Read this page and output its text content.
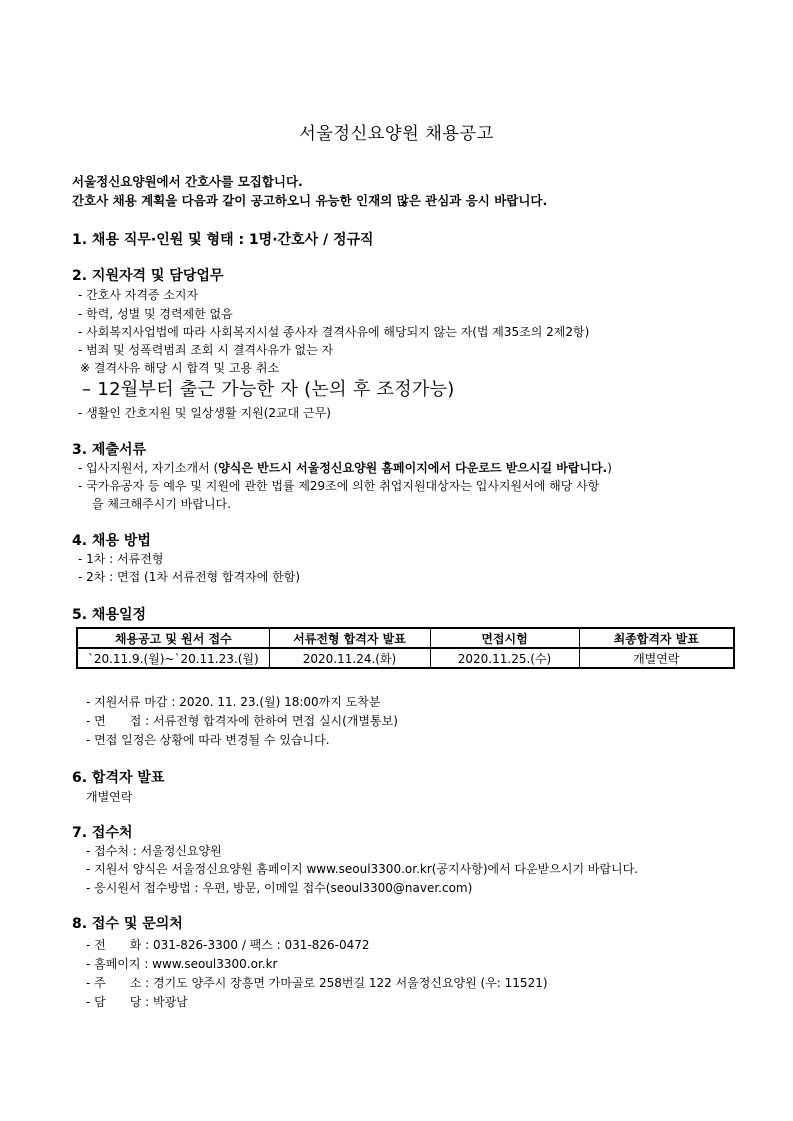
서울정신요양원 채용공고
서울정신요양원에서 간호사를 모집합니다.
간호사 채용 계획을 다음과 같이 공고하오니 유능한 인재의 많은 관심과 응시 바랍니다.
1. 채용 직무·인원 및 형태 : 1명·간호사 / 정규직
2. 지원자격 및 담당업무
- 간호사 자격증 소지자
- 학력, 성별 및 경력제한 없음
- 사회복지사업법에 따라 사회복지시설 종사자 결격사유에 해당되지 않는 자(법 제35조의 2제2항)
- 범죄 및 성폭력범죄 조회 시 결격사유가 없는 자
※ 결격사유 해당 시 합격 및 고용 취소
– 12월부터 출근 가능한 자 (논의 후 조정가능)
- 생활인 간호지원 및 일상생활 지원(2교대 근무)
3. 제출서류
- 입사지원서, 자기소개서 (양식은 반드시 서울정신요양원 홈페이지에서 다운로드 받으시길 바랍니다.)
- 국가유공자 등 예우 및 지원에 관한 법률 제29조에 의한 취업지원대상자는 입사지원서에 해당 사항
을 체크해주시기 바랍니다.
4. 채용 방법
- 1차 : 서류전형
- 2차 : 면접 (1차 서류전형 합격자에 한함)
5. 채용일정
채용공고 및 원서 접수	서류전형 합격자 발표	면접시험	최종합격자 발표
`20.11.9.(월)~`20.11.23.(월)	2020.11.24.(화)	2020.11.25.(수)	개별연락
- 지원서류 마감 : 2020. 11. 23.(월) 18:00까지 도착분
- 면　　접 : 서류전형 합격자에 한하여 면접 실시(개별통보)
- 면접 일정은 상황에 따라 변경될 수 있습니다.
6. 합격자 발표
개별연락
7. 접수처
- 접수처 : 서울정신요양원
- 지원서 양식은 서울정신요양원 홈페이지 www.seoul3300.or.kr(공지사항)에서 다운받으시기 바랍니다.
- 응시원서 접수방법 : 우편, 방문, 이메일 접수(seoul3300@naver.com)
8. 접수 및 문의처
- 전　　화 : 031-826-3300 / 팩스 : 031-826-0472
- 홈페이지 : www.seoul3300.or.kr
- 주　　소 : 경기도 양주시 장흥면 가마골로 258번길 122 서울정신요양원 (우: 11521)
- 담　　당 : 박광남
